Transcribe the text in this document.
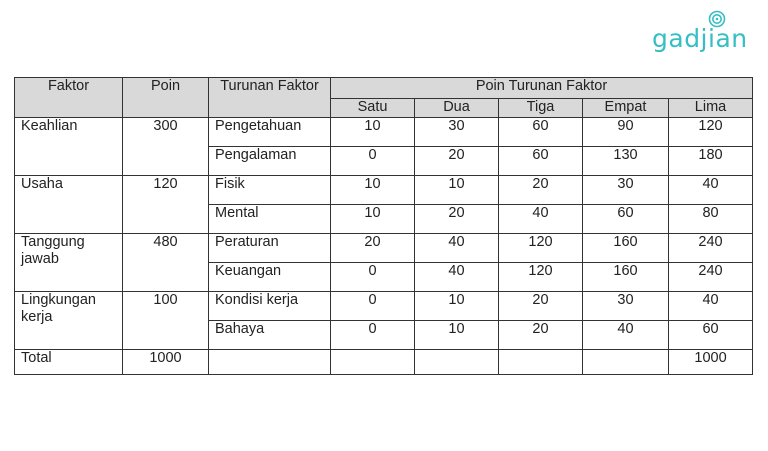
gadjian
Faktor	Poin	Turunan Faktor	Poin Turunan Faktor				
			Satu	Dua	Tiga	Empat	Lima
Keahlian	300	Pengetahuan	10	30	60	90	120
		Pengalaman	0	20	60	130	180
Usaha	120	Fisik	10	10	20	30	40
		Mental	10	20	40	60	80
Tanggung jawab	480	Peraturan	20	40	120	160	240
		Keuangan	0	40	120	160	240
Lingkungan kerja	100	Kondisi kerja	0	10	20	30	40
		Bahaya	0	10	20	40	60
Total	1000						1000
